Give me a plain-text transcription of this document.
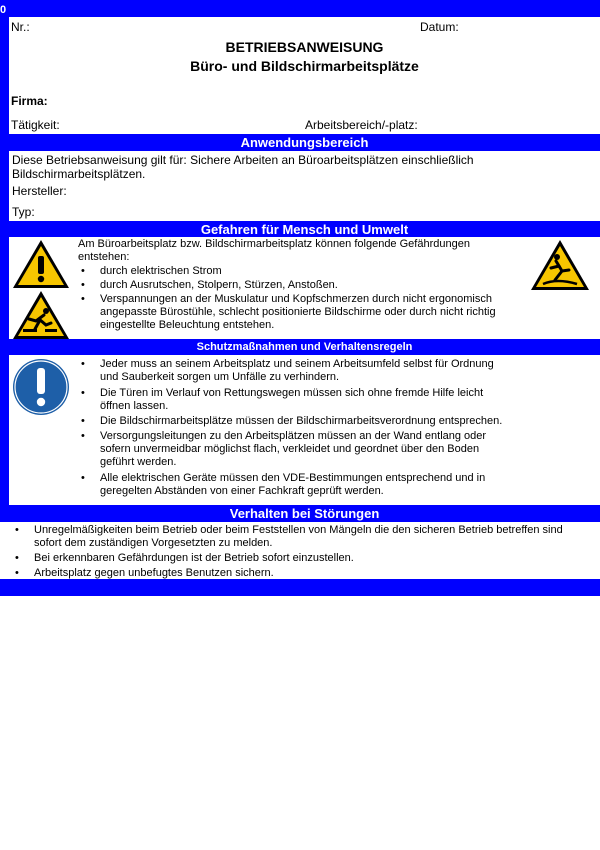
0
Nr.:	Datum:
BETRIEBSANWEISUNG
Büro- und Bildschirmarbeitsplätze
Firma:
Tätigkeit:	Arbeitsbereich/-platz:
Anwendungsbereich
Diese Betriebsanweisung gilt für: Sichere Arbeiten an Büroarbeitsplätzen einschließlich
Bildschirmarbeitsplätzen.
Hersteller:
Typ:
Gefahren für Mensch und Umwelt
Am Büroarbeitsplatz bzw. Bildschirmarbeitsplatz können folgende Gefährdungen
entstehen:
• durch elektrischen Strom
• durch Ausrutschen, Stolpern, Stürzen, Anstoßen.
• Verspannungen an der Muskulatur und Kopfschmerzen durch nicht ergonomisch
angepasste Bürostühle, schlecht positionierte Bildschirme oder durch nicht richtig
eingestellte Beleuchtung entstehen.
Schutzmaßnahmen und Verhaltensregeln
• Jeder muss an seinem Arbeitsplatz und seinem Arbeitsumfeld selbst für Ordnung
und Sauberkeit sorgen um Unfälle zu verhindern.
• Die Türen im Verlauf von Rettungswegen müssen sich ohne fremde Hilfe leicht
öffnen lassen.
• Die Bildschirmarbeitsplätze müssen der Bildschirmarbeitsverordnung entsprechen.
• Versorgungsleitungen zu den Arbeitsplätzen müssen an der Wand entlang oder
sofern unvermeidbar möglichst flach, verkleidet und geordnet über den Boden
geführt werden.
• Alle elektrischen Geräte müssen den VDE-Bestimmungen entsprechend und in
geregelten Abständen von einer Fachkraft geprüft werden.
Verhalten bei Störungen
• Unregelmäßigkeiten beim Betrieb oder beim Feststellen von Mängeln die den sicheren Betrieb betreffen sind
sofort dem zuständigen Vorgesetzten zu melden.
• Bei erkennbaren Gefährdungen ist der Betrieb sofort einzustellen.
• Arbeitsplatz gegen unbefugtes Benutzen sichern.
